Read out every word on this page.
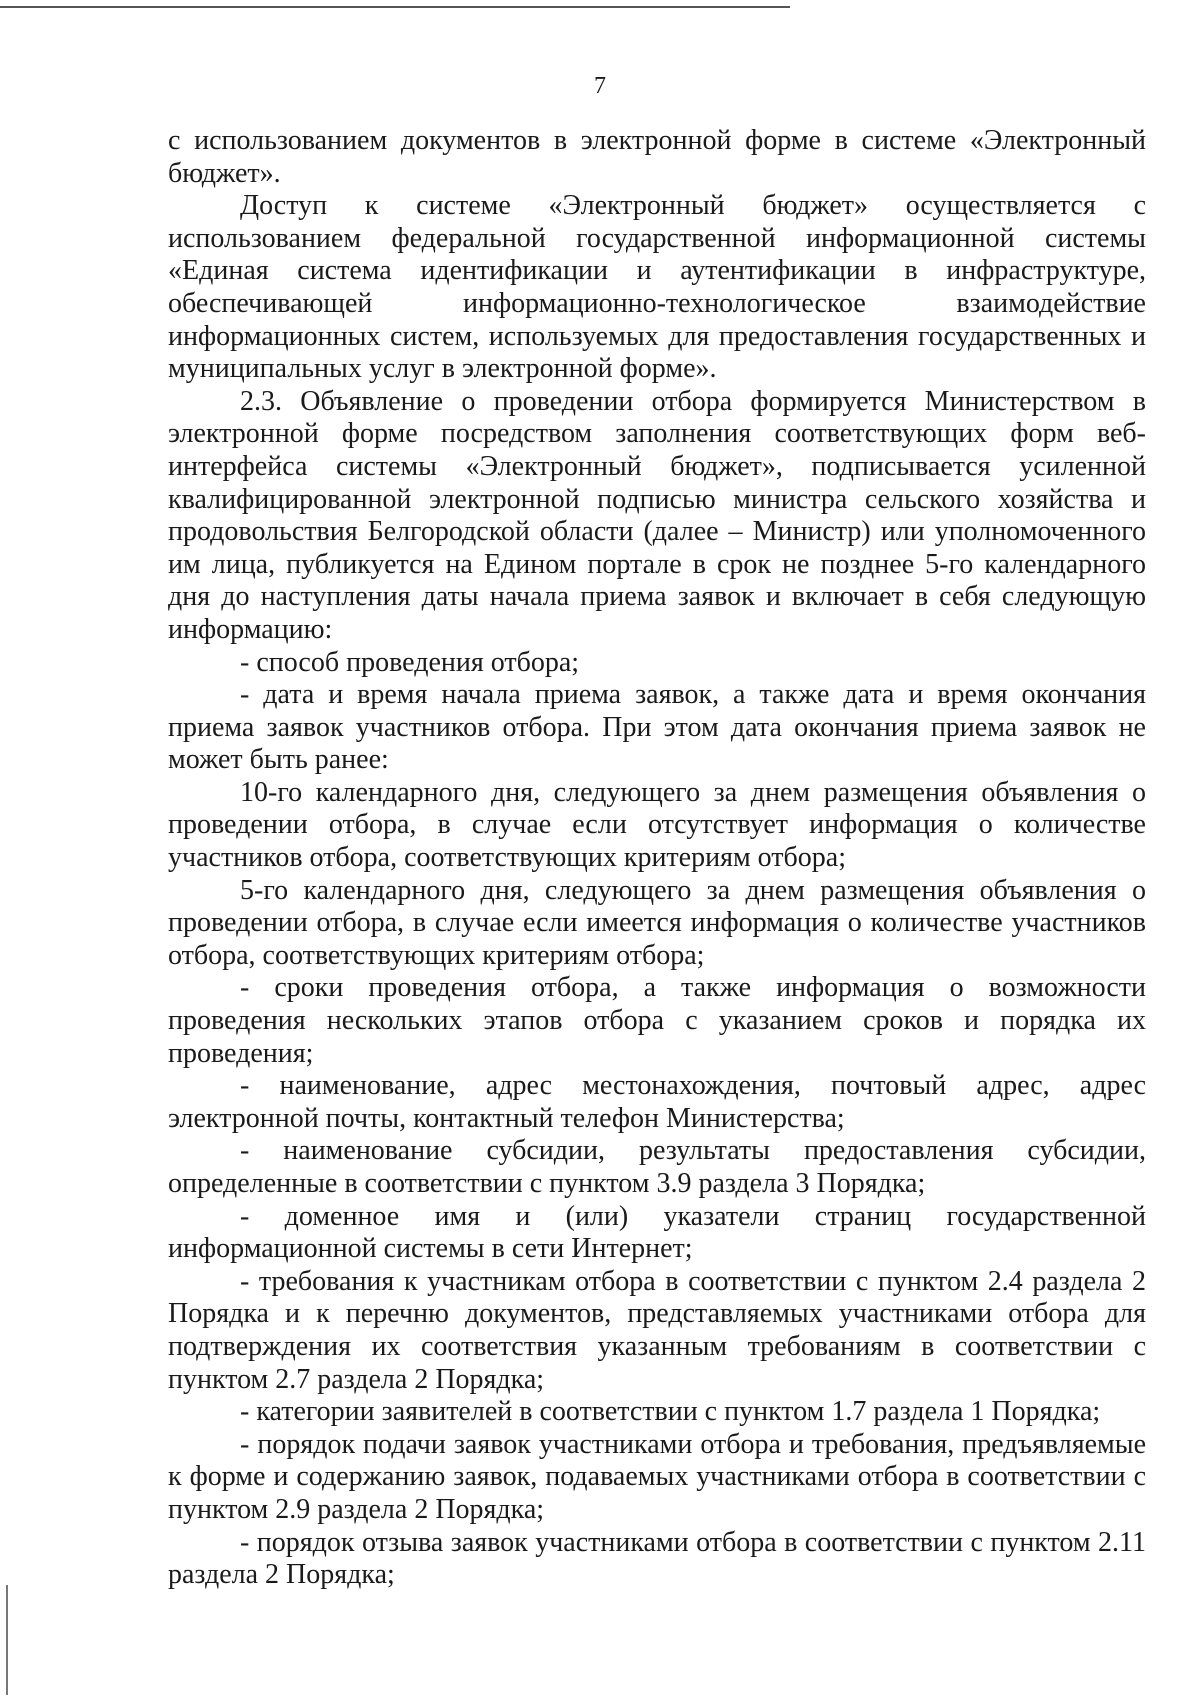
7

с использованием документов в электронной форме в системе «Электронный бюджет».

Доступ к системе «Электронный бюджет» осуществляется с использованием федеральной государственной информационной системы «Единая система идентификации и аутентификации в инфраструктуре, обеспечивающей информационно-технологическое взаимодействие информационных систем, используемых для предоставления государственных и муниципальных услуг в электронной форме».

2.3. Объявление о проведении отбора формируется Министерством в электронной форме посредством заполнения соответствующих форм веб-интерфейса системы «Электронный бюджет», подписывается усиленной квалифицированной электронной подписью министра сельского хозяйства и продовольствия Белгородской области (далее – Министр) или уполномоченного им лица, публикуется на Едином портале в срок не позднее 5-го календарного дня до наступления даты начала приема заявок и включает в себя следующую информацию:

- способ проведения отбора;

- дата и время начала приема заявок, а также дата и время окончания приема заявок участников отбора. При этом дата окончания приема заявок не может быть ранее:

10-го календарного дня, следующего за днем размещения объявления о проведении отбора, в случае если отсутствует информация о количестве участников отбора, соответствующих критериям отбора;

5-го календарного дня, следующего за днем размещения объявления о проведении отбора, в случае если имеется информация о количестве участников отбора, соответствующих критериям отбора;

- сроки проведения отбора, а также информация о возможности проведения нескольких этапов отбора с указанием сроков и порядка их проведения;

- наименование, адрес местонахождения, почтовый адрес, адрес электронной почты, контактный телефон Министерства;

- наименование субсидии, результаты предоставления субсидии, определенные в соответствии с пунктом 3.9 раздела 3 Порядка;

- доменное имя и (или) указатели страниц государственной информационной системы в сети Интернет;

- требования к участникам отбора в соответствии с пунктом 2.4 раздела 2 Порядка и к перечню документов, представляемых участниками отбора для подтверждения их соответствия указанным требованиям в соответствии с пунктом 2.7 раздела 2 Порядка;

- категории заявителей в соответствии с пунктом 1.7 раздела 1 Порядка;

- порядок подачи заявок участниками отбора и требования, предъявляемые к форме и содержанию заявок, подаваемых участниками отбора в соответствии с пунктом 2.9 раздела 2 Порядка;

- порядок отзыва заявок участниками отбора в соответствии с пунктом 2.11 раздела 2 Порядка;
